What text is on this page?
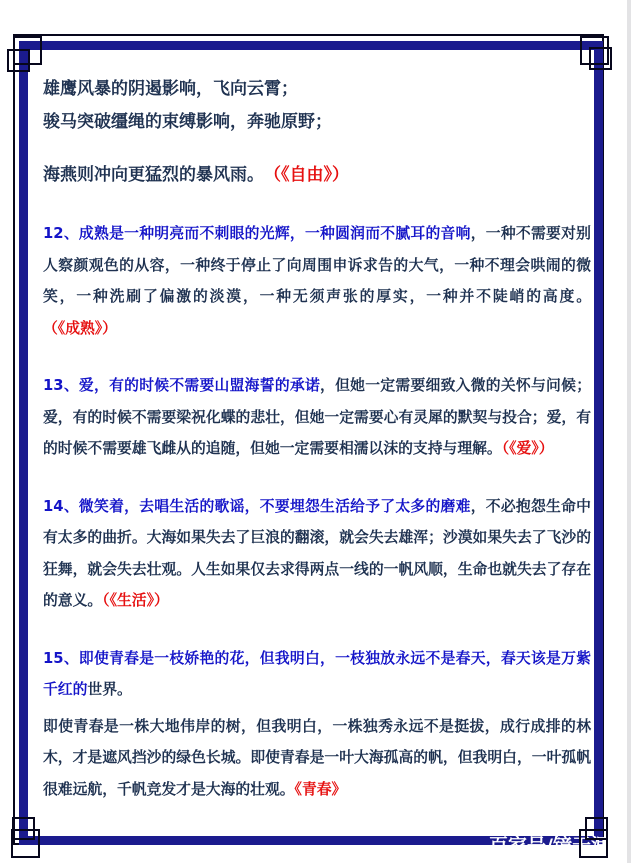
雄鹰风暴的阴遏影响，飞向云霄；

骏马突破缰绳的束缚影响，奔驰原野；

海燕则冲向更猛烈的暴风雨。　（《自由》）

12、成熟是一种明亮而不刺眼的光辉，一种圆润而不腻耳的音响，一种不需要对别人察颜观色的从容，一种终于停止了向周围申诉求告的大气，一种不理会哄闹的微笑，一种洗刷了偏激的淡漠，一种无须声张的厚实，一种并不陡峭的高度。（《成熟》）

13、爱，有的时候不需要山盟海誓的承诺，但她一定需要细致入微的关怀与问候；爱，有的时候不需要梁祝化蝶的悲壮，但她一定需要心有灵犀的默契与投合；爱，有的时候不需要雄飞雌从的追随，但她一定需要相濡以沫的支持与理解。（《爱》）

14、微笑着，去唱生活的歌谣，不要埋怨生活给予了太多的磨难，不必抱怨生命中有太多的曲折。大海如果失去了巨浪的翻滚，就会失去雄浑；沙漠如果失去了飞沙的狂舞，就会失去壮观。人生如果仅去求得两点一线的一帆风顺，生命也就失去了存在的意义。（《生活》）

15、即使青春是一枝娇艳的花，但我明白，一枝独放永远不是春天，春天该是万紫千红的世界。

即使青春是一株大地伟岸的树，但我明白，一株独秀永远不是挺拔，成行成排的林木，才是遮风挡沙的绿色长城。即使青春是一叶大海孤高的帆，但我明白，一叶孤帆很难远航，千帆竞发才是大海的壮观。《青春》

———百家号/镜天涯
